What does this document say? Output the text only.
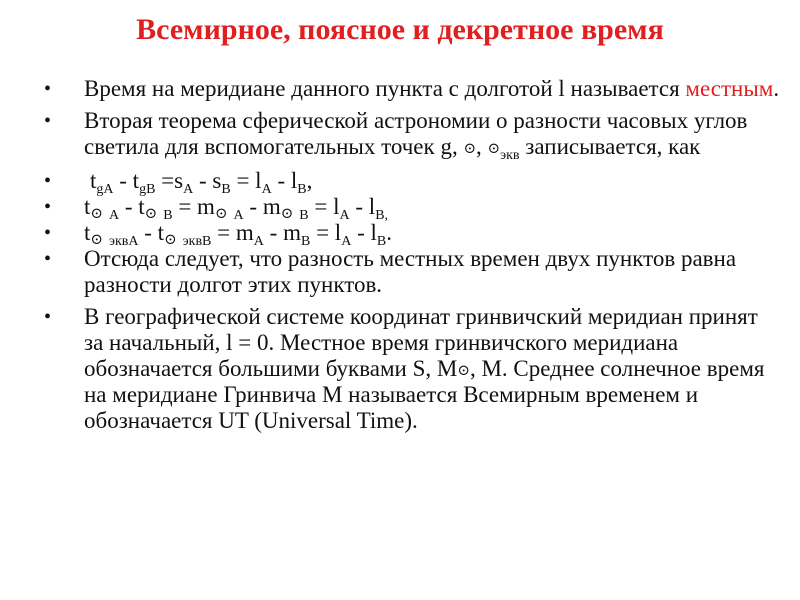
Всемирное, поясное и декретное время
• Время на меридиане данного пункта с долготой l называется местным.
• Вторая теорема сферической астрономии о разности часовых углов светила для вспомогательных точек g, ⊙, $⊙_{экв}$ записывается, как
• $t_{gA} - t_{gB} =s_A - s_B = l_A - l_B$,
• $t_{⊙ A} - t_{⊙ B} = m_{⊙ A} - m_{⊙ B} = l_A - l_{B,}$
• $t_{⊙ эквA} - t_{⊙ эквB} = m_A - m_B = l_A - l_B$.
• Отсюда следует, что разность местных времен двух пунктов равна разности долгот этих пунктов.
• В географической системе координат гринвичский меридиан принят за начальный, l = 0. Местное время гринвичского меридиана обозначается большими буквами S, $M_⊙$, M. Среднее солнечное время на меридиане Гринвича M называется Всемирным временем и обозначается UT (Universal Time).
